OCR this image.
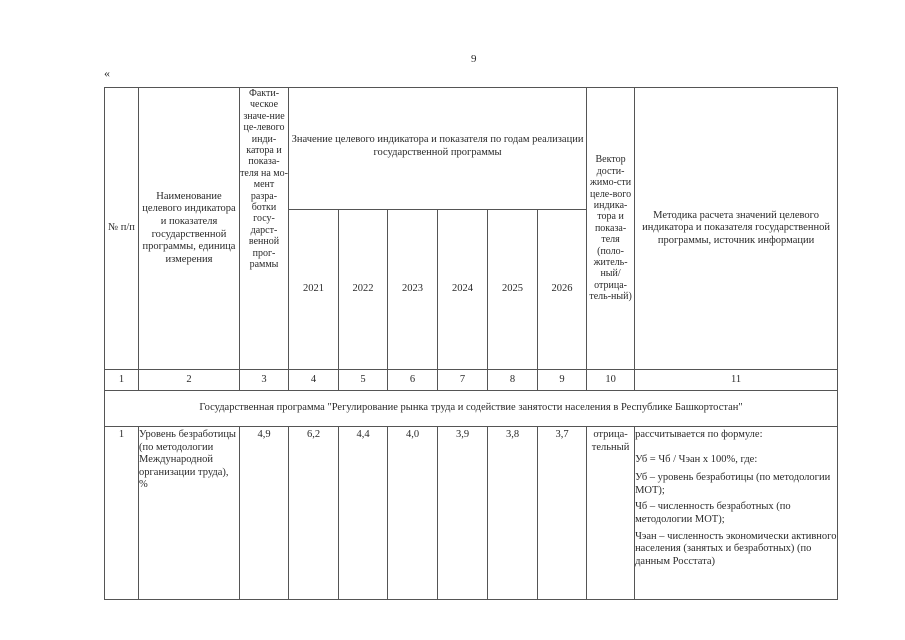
9
«
№ п/п	Наименование целевого индикатора и показателя государственной программы, единица измерения	Факти-ческое значе-ние це-левого инди-катора и показа-теля на мо-мент разра-ботки госу-дарст-венной прог-раммы	Значение целевого индикатора и показателя по годам реализации государственной программы						Вектор дости-жимо-сти целе-вого индика-тора и показа-теля (поло-житель-ный/ отрица-тель-ный)	Методика расчета значений целевого индикатора и показателя государственной программы, источник информации
			2021	2022	2023	2024	2025	2026		
1	2	3	4	5	6	7	8	9	10	11
Государственная программа "Регулирование рынка труда и содействие занятости населения в Республике Башкортостан"										
1	Уровень безработицы (по методологии Международной организации труда), %	4,9	6,2	4,4	4,0	3,9	3,8	3,7	отрица-тельный	рассчитывается по формуле:

Уб = Чб / Чэан х 100%, где:

Уб – уровень безработицы (по методологии МОТ);

Чб – численность безработных (по методологии МОТ);

Чэан – численность экономически активного населения (занятых и безработных) (по данным Росстата)
